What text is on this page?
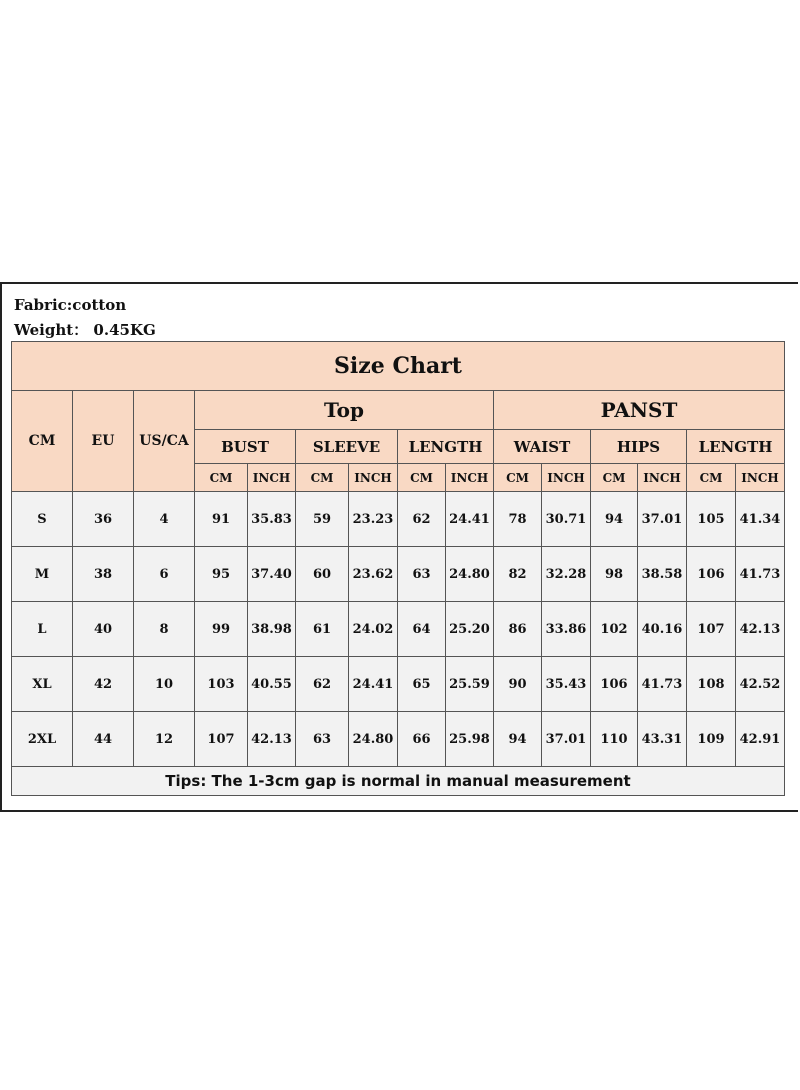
Fabric:cotton
Weight： 0.45KG
Size Chart														
CM	EU	US/CA	Top						PANST					
			BUST		SLEEVE		LENGTH		WAIST		HIPS		LENGTH	
			CM	INCH	CM	INCH	CM	INCH	CM	INCH	CM	INCH	CM	INCH
S	36	4	91	35.83	59	23.23	62	24.41	78	30.71	94	37.01	105	41.34
M	38	6	95	37.40	60	23.62	63	24.80	82	32.28	98	38.58	106	41.73
L	40	8	99	38.98	61	24.02	64	25.20	86	33.86	102	40.16	107	42.13
XL	42	10	103	40.55	62	24.41	65	25.59	90	35.43	106	41.73	108	42.52
2XL	44	12	107	42.13	63	24.80	66	25.98	94	37.01	110	43.31	109	42.91
Tips: The 1-3cm gap is normal in manual measurement														
